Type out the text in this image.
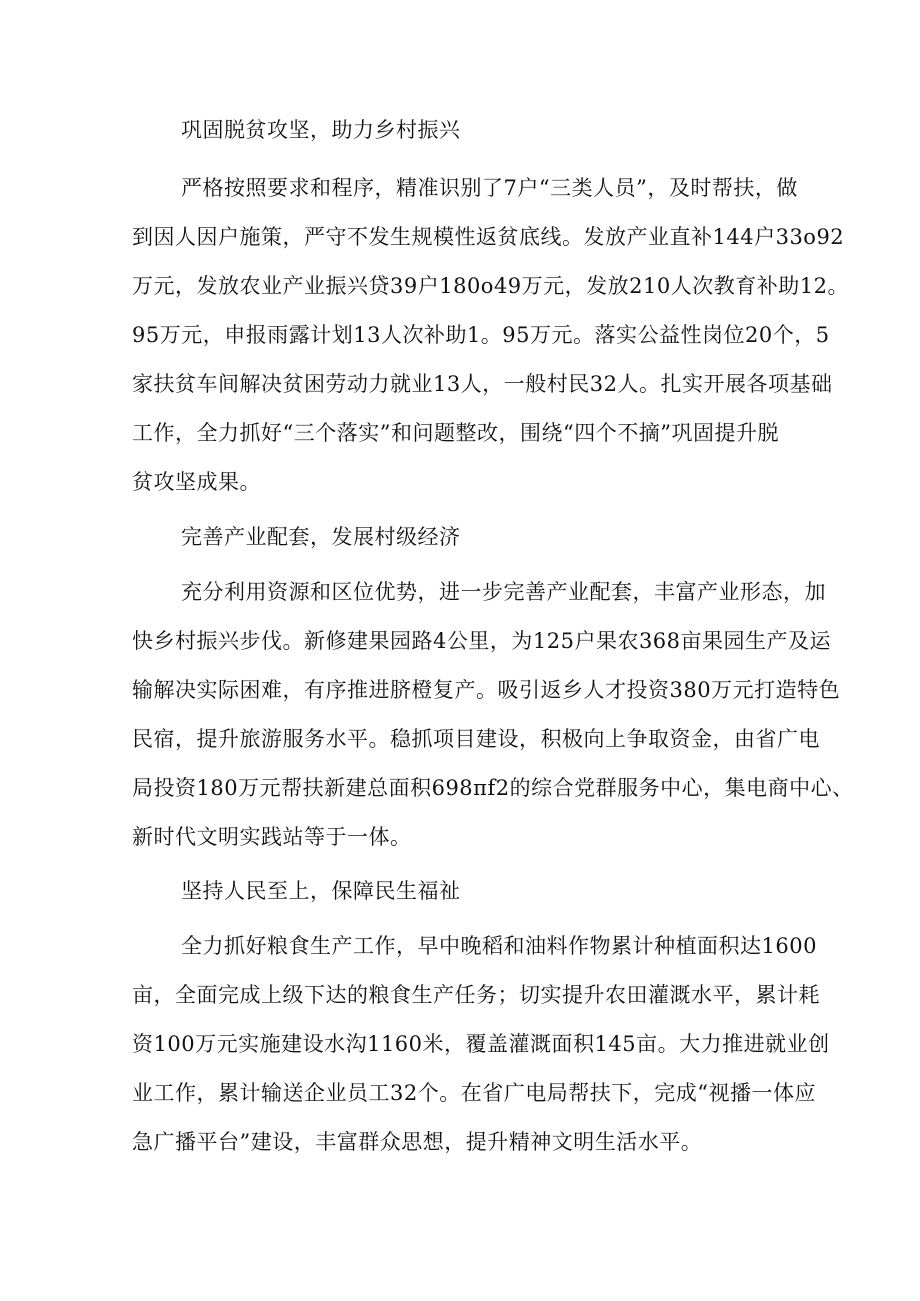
巩固脱贫攻坚，助力乡村振兴
严格按照要求和程序，精准识别了7户“三类人员”，及时帮扶，做
到因人因户施策，严守不发生规模性返贫底线。发放产业直补144户33o92
万元，发放农业产业振兴贷39户180o49万元，发放210人次教育补助12。
95万元，申报雨露计划13人次补助1。95万元。落实公益性岗位20个，5
家扶贫车间解决贫困劳动力就业13人，一般村民32人。扎实开展各项基础
工作，全力抓好“三个落实”和问题整改，围绕“四个不摘”巩固提升脱
贫攻坚成果。
完善产业配套，发展村级经济
充分利用资源和区位优势，进一步完善产业配套，丰富产业形态，加
快乡村振兴步伐。新修建果园路4公里，为125户果农368亩果园生产及运
输解决实际困难，有序推进脐橙复产。吸引返乡人才投资380万元打造特色
民宿，提升旅游服务水平。稳抓项目建设，积极向上争取资金，由省广电
局投资180万元帮扶新建总面积698πf2的综合党群服务中心，集电商中心、
新时代文明实践站等于一体。
坚持人民至上，保障民生福祉
全力抓好粮食生产工作，早中晚稻和油料作物累计种植面积达1600
亩，全面完成上级下达的粮食生产任务；切实提升农田灌溉水平，累计耗
资100万元实施建设水沟1160米，覆盖灌溉面积145亩。大力推进就业创
业工作，累计输送企业员工32个。在省广电局帮扶下，完成“视播一体应
急广播平台”建设，丰富群众思想，提升精神文明生活水平。
